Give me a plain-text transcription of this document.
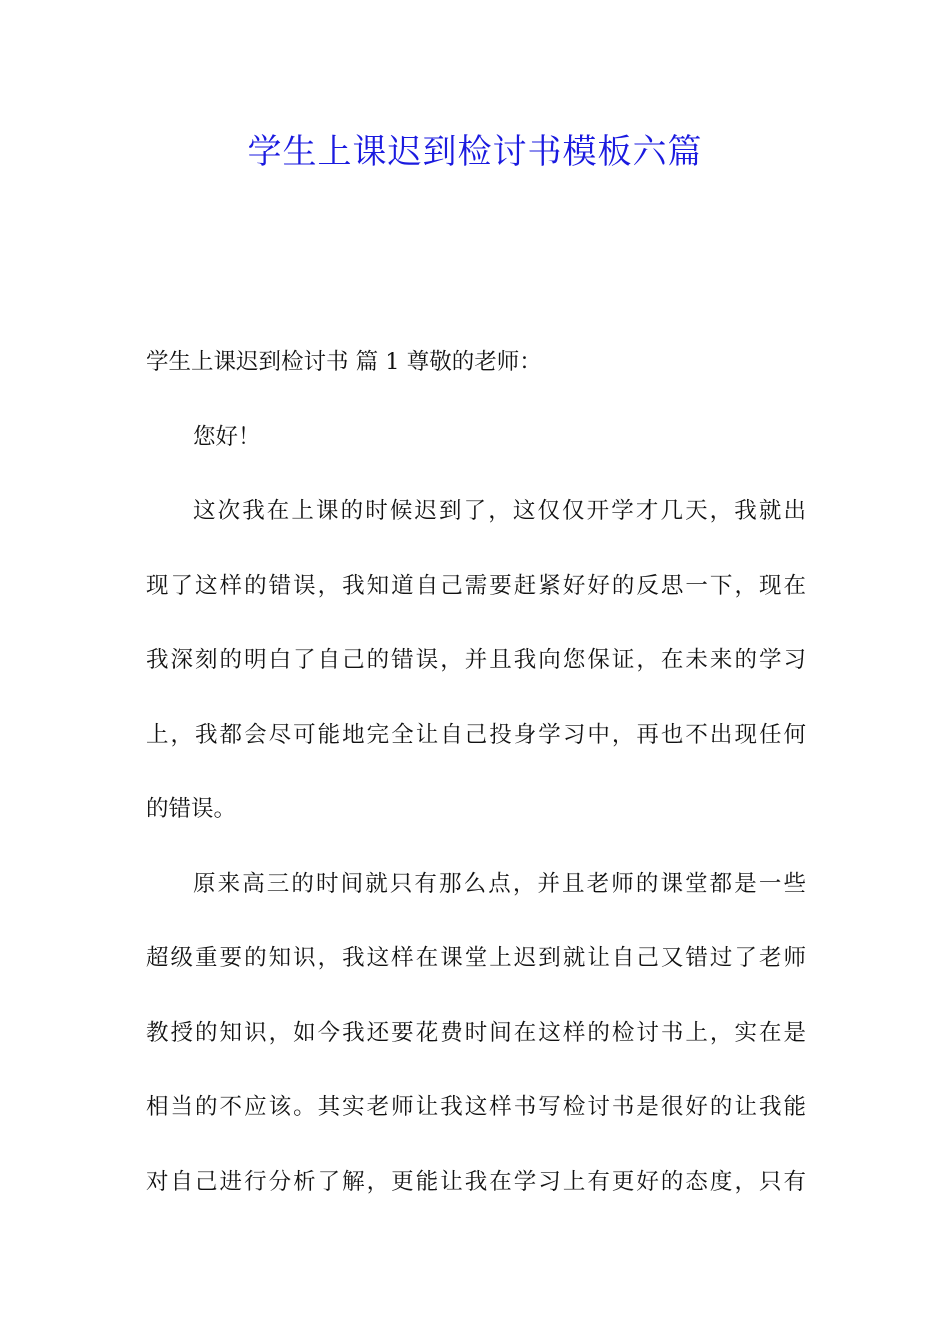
学生上课迟到检讨书模板六篇
学生上课迟到检讨书 篇 1 尊敬的老师：
您好！
这次我在上课的时候迟到了，这仅仅开学才几天，我就出
现了这样的错误，我知道自己需要赶紧好好的反思一下，现在
我深刻的明白了自己的错误，并且我向您保证，在未来的学习
上，我都会尽可能地完全让自己投身学习中，再也不出现任何
的错误。
原来高三的时间就只有那么点，并且老师的课堂都是一些
超级重要的知识，我这样在课堂上迟到就让自己又错过了老师
教授的知识，如今我还要花费时间在这样的检讨书上，实在是
相当的不应该。其实老师让我这样书写检讨书是很好的让我能
对自己进行分析了解，更能让我在学习上有更好的态度，只有
